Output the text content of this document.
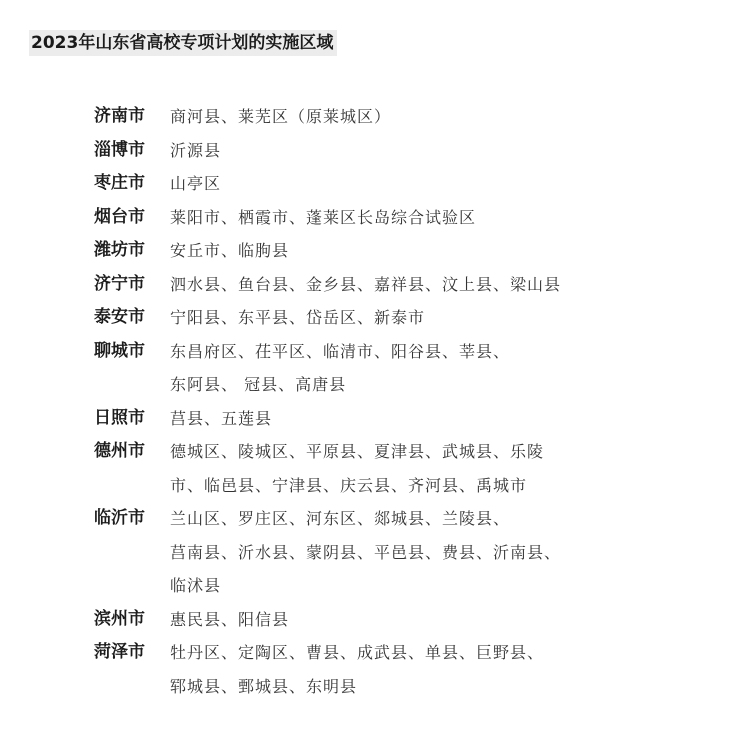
2023年山东省高校专项计划的实施区域
济南市	商河县、莱芜区（原莱城区）
淄博市	沂源县
枣庄市	山亭区
烟台市	莱阳市、栖霞市、蓬莱区长岛综合试验区
潍坊市	安丘市、临朐县
济宁市	泗水县、鱼台县、金乡县、嘉祥县、汶上县、梁山县
泰安市	宁阳县、东平县、岱岳区、新泰市
聊城市	东昌府区、茌平区、临清市、阳谷县、莘县、
东阿县、 冠县、高唐县
日照市	莒县、五莲县
德州市	德城区、陵城区、平原县、夏津县、武城县、乐陵
市、临邑县、宁津县、庆云县、齐河县、禹城市
临沂市	兰山区、罗庄区、河东区、郯城县、兰陵县、
莒南县、沂水县、蒙阴县、平邑县、费县、沂南县、
临沭县
滨州市	惠民县、阳信县
菏泽市	牡丹区、定陶区、曹县、成武县、单县、巨野县、
郓城县、鄄城县、东明县
